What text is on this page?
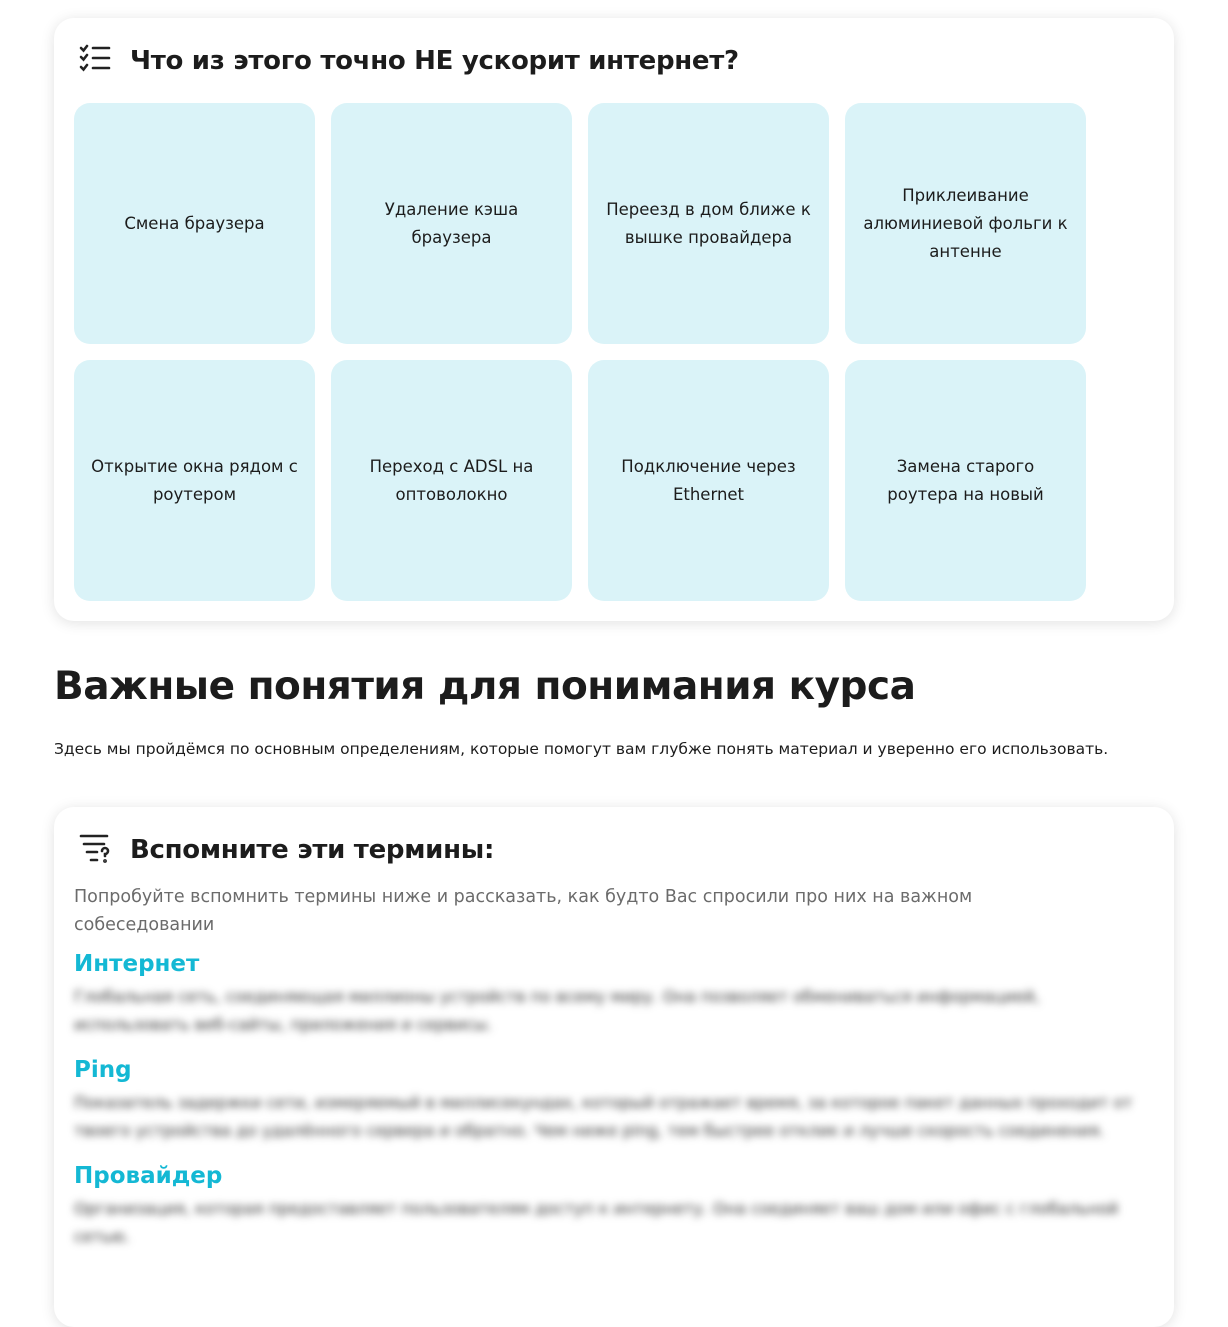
Что из этого точно НЕ ускорит интернет?
Смена браузера
Удаление кэша браузера
Переезд в дом ближе к вышке провайдера
Приклеивание алюминиевой фольги к антенне
Открытие окна рядом с роутером
Переход с ADSL на оптоволокно
Подключение через Ethernet
Замена старого роутера на новый
Важные понятия для понимания курса

Здесь мы пройдёмся по основным определениям, которые помогут вам глубже понять материал и уверенно его использовать.

Вспомните эти термины:

Попробуйте вспомнить термины ниже и рассказать, как будто Вас спросили про них на важном собеседовании

Интернет

Глобальная сеть, соединяющая миллионы устройств по всему миру. Она позволяет обмениваться информацией, использовать веб-сайты, приложения и сервисы.

Ping

Показатель задержки сети, измеряемый в миллисекундах, который отражает время, за которое пакет данных проходит от твоего устройства до удалённого сервера и обратно. Чем ниже ping, тем быстрее отклик и лучше скорость соединения.

Провайдер

Организация, которая предоставляет пользователям доступ к интернету. Она соединяет ваш дом или офис с глобальной сетью.
